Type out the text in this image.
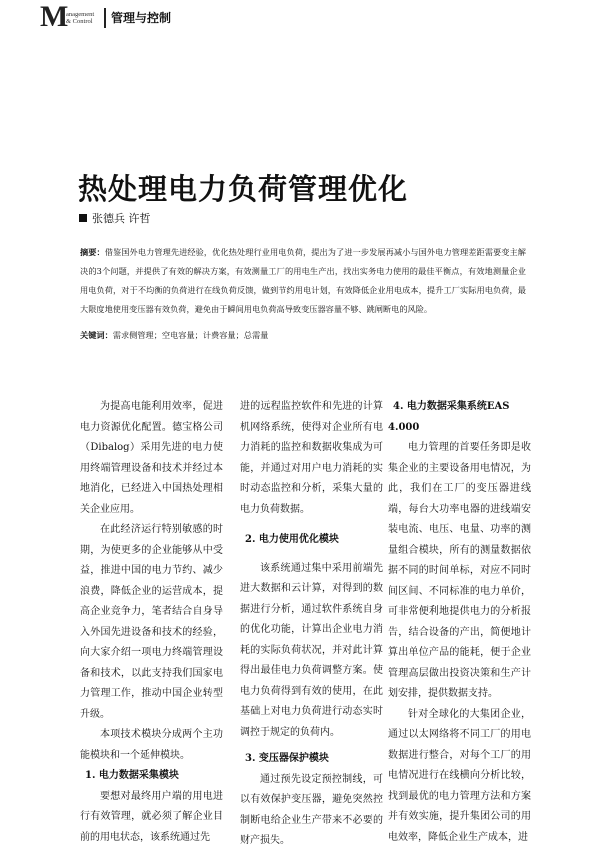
M
anagement
& Control 管理与控制
热处理电力负荷管理优化
张德兵 许哲
摘要：借鉴国外电力管理先进经验，优化热处理行业用电负荷，提出为了进一步发展再减小与国外电力管理差距需要变主解决的3个问题，并提供了有效的解决方案，有效测量工厂的用电生产出，找出实务电力使用的最佳平衡点，有效地测量企业用电负荷，对于不均衡的负荷进行在线负荷反馈，做到节约用电计划，有效降低企业用电成本，提升工厂实际用电负荷，最大限度地使用变压器有效负荷，避免由于瞬间用电负荷高导致变压器容量不够、跳闸断电的风险。
关键词：需求侧管理；空电容量；计费容量；总需量

为提高电能利用效率，促进电力资源优化配置。德宝格公司（Dibalog）采用先进的电力使用终端管理设备和技术并经过本地消化，已经进入中国热处理相关企业应用。

在此经济运行特别敏感的时期，为使更多的企业能够从中受益，推进中国的电力节约、减少浪费，降低企业的运营成本，提高企业竞争力，笔者结合自身导入外国先进设备和技术的经验，向大家介绍一项电力终端管理设备和技术，以此支持我们国家电力管理工作，推动中国企业转型升级。

本项技术模块分成两个主功能模块和一个延伸模块。

1. 电力数据采集模块

要想对最终用户端的用电进行有效管理，就必须了解企业目前的用电状态，该系统通过先

进的远程监控软件和先进的计算机网络系统，使得对企业所有电力消耗的监控和数据收集成为可能，并通过对用户电力消耗的实时动态监控和分析，采集大量的电力负荷数据。

2. 电力使用优化模块

该系统通过集中采用前端先进大数据和云计算，对得到的数据进行分析，通过软件系统自身的优化功能，计算出企业电力消耗的实际负荷状况，并对此计算得出最佳电力负荷调整方案。使电力负荷得到有效的使用，在此基础上对电力负荷进行动态实时调控于规定的负荷内。

3. 变压器保护模块

通过预先设定预控制线，可以有效保护变压器，避免突然控制断电给企业生产带来不必要的财产损失。

4. 电力数据采集系统EAS
4.000

电力管理的首要任务即是收集企业的主要设备用电情况，为此，我们在工厂的变压器进线端，每台大功率电器的进线端安装电流、电压、电量、功率的测量组合模块，所有的测量数据依据不同的时间单标，对应不同时间区间、不同标准的电力单价，可非常便利地提供电力的分析报告，结合设备的产出，简便地计算出单位产品的能耗，便于企业管理高层做出投资决策和生产计划安排，提供数据支持。

针对全球化的大集团企业，通过以太网络将不同工厂的用电数据进行整合，对每个工厂的用电情况进行在线横向分析比较，找到最优的电力管理方法和方案并有效实施，提升集团公司的用电效率，降低企业生产成本，进
